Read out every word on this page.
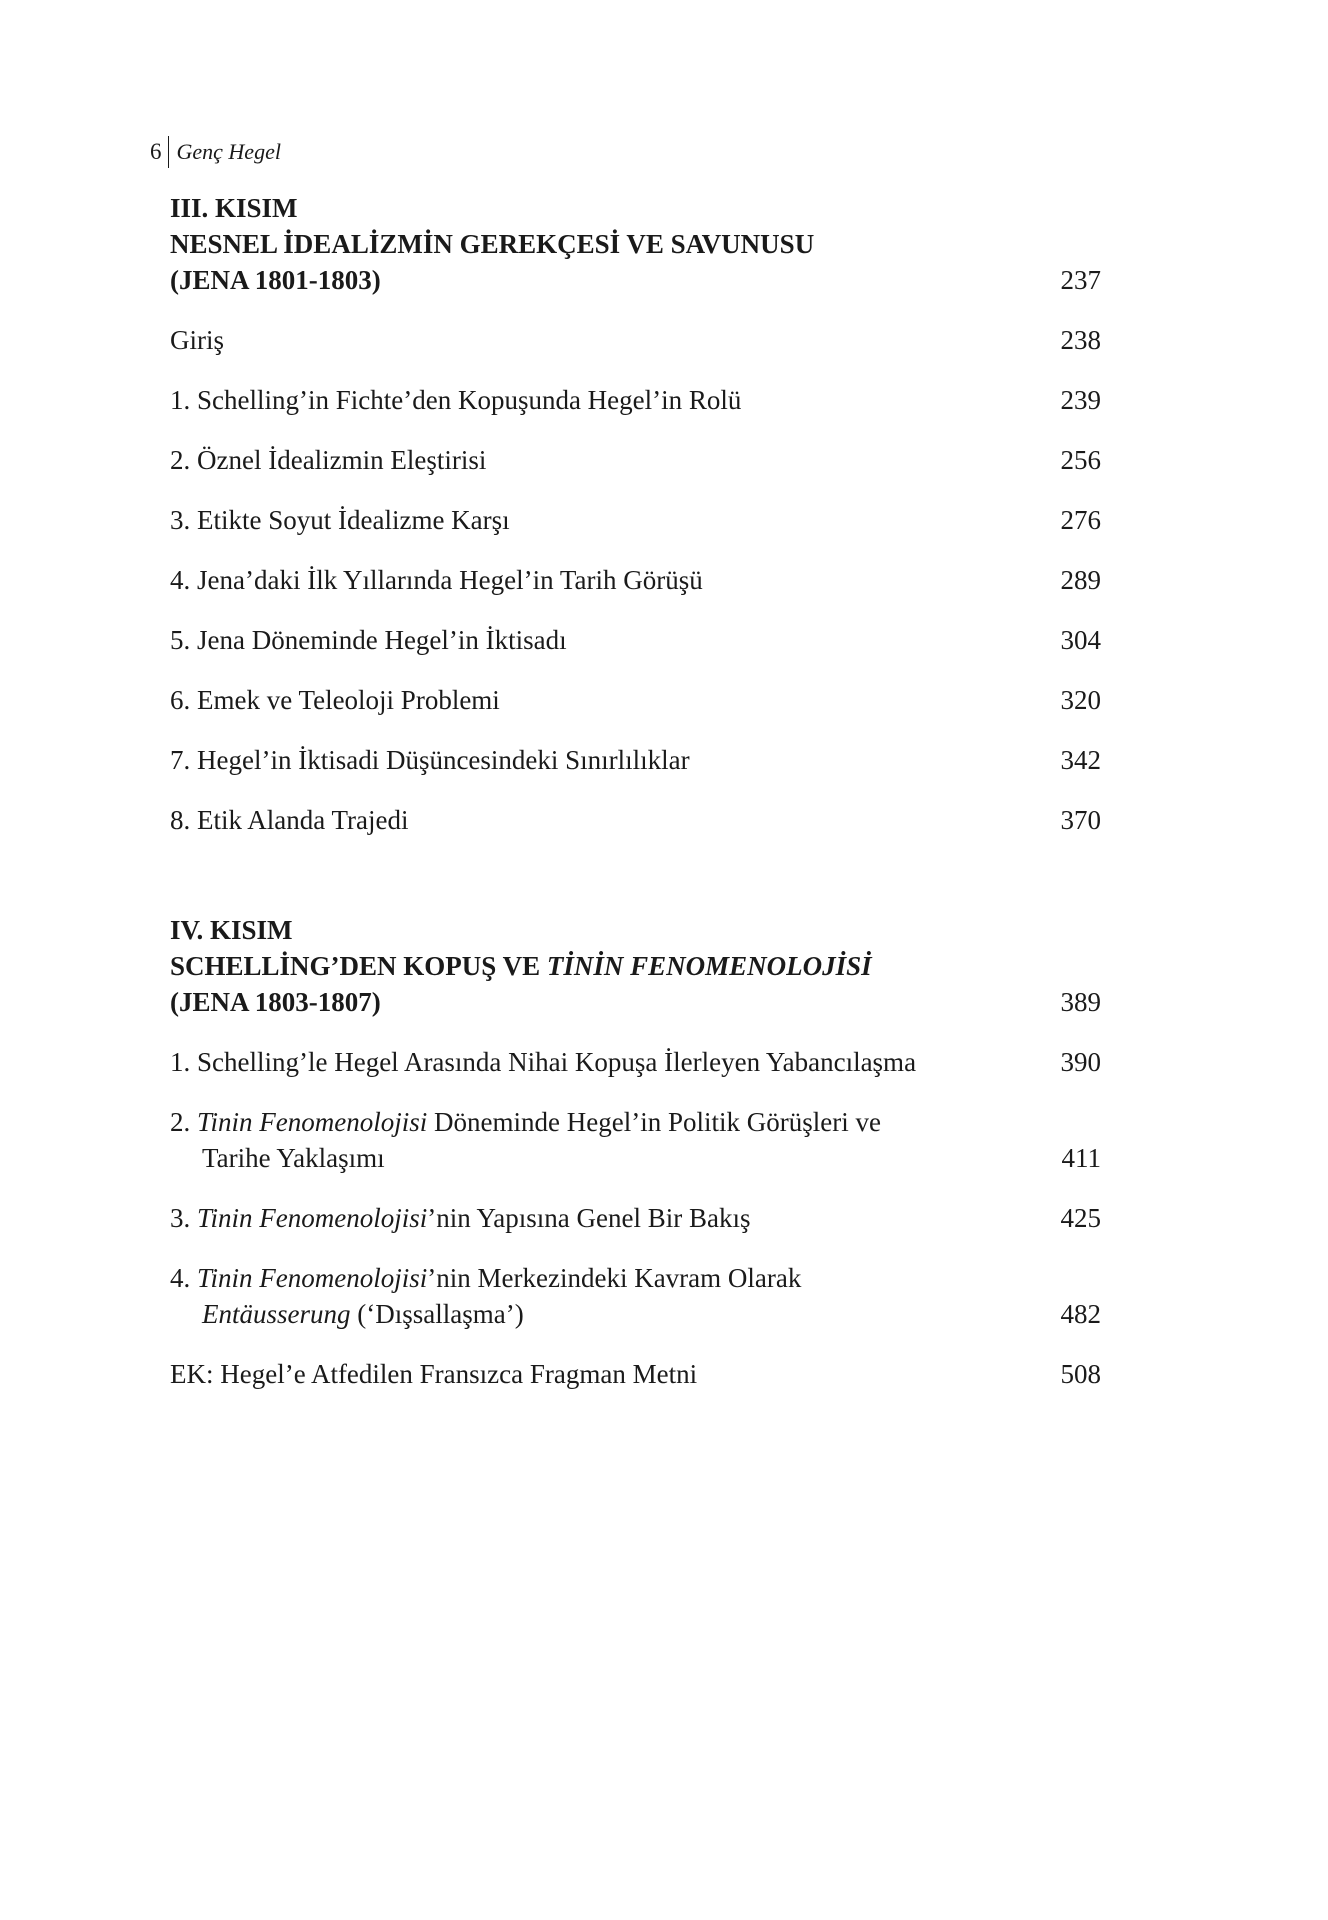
6 Genç Hegel
III. KISIM
NESNEL İDEALİZMİN GEREKÇESİ VE SAVUNUSU
(JENA 1801-1803)	237
Giriş	238
1. Schelling’in Fichte’den Kopuşunda Hegel’in Rolü	239
2. Öznel İdealizmin Eleştirisi	256
3. Etikte Soyut İdealizme Karşı	276
4. Jena’daki İlk Yıllarında Hegel’in Tarih Görüşü	289
5. Jena Döneminde Hegel’in İktisadı	304
6. Emek ve Teleoloji Problemi	320
7. Hegel’in İktisadi Düşüncesindeki Sınırlılıklar	342
8. Etik Alanda Trajedi	370
IV. KISIM
SCHELLİNG’DEN KOPUŞ VE TİNİN FENOMENOLOJİSİ
(JENA 1803-1807)	389
1. Schelling’le Hegel Arasında Nihai Kopuşa İlerleyen Yabancılaşma	390
2. Tinin Fenomenolojisi Döneminde Hegel’in Politik Görüşleri ve
Tarihe Yaklaşımı	411
3. Tinin Fenomenolojisi’nin Yapısına Genel Bir Bakış	425
4. Tinin Fenomenolojisi’nin Merkezindeki Kavram Olarak
Entäusserung (‘Dışsallaşma’)	482
EK: Hegel’e Atfedilen Fransızca Fragman Metni	508
